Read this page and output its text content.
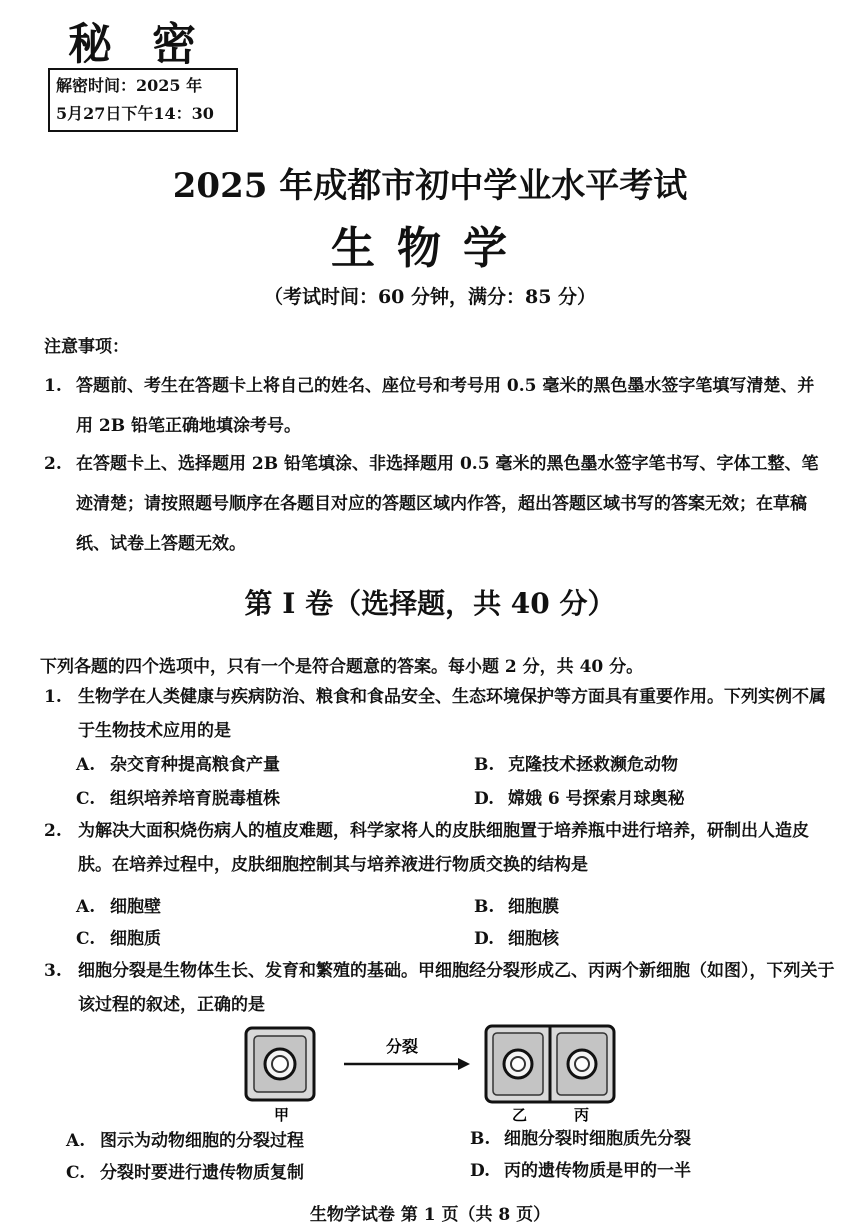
秘密
解密时间：2025 年
5月27日下午14：30
2025 年成都市初中学业水平考试
生物学
（考试时间：60 分钟，满分：85 分）
注意事项：
1. 答题前、考生在答题卡上将自己的姓名、座位号和考号用 0.5 毫米的黑色墨水签字笔填写清楚、并用 2B 铅笔正确地填涂考号。
2. 在答题卡上、选择题用 2B 铅笔填涂、非选择题用 0.5 毫米的黑色墨水签字笔书写、字体工整、笔迹清楚；请按照题号顺序在各题目对应的答题区域内作答，超出答题区域书写的答案无效；在草稿纸、试卷上答题无效。
第 I 卷（选择题，共 40 分）
下列各题的四个选项中，只有一个是符合题意的答案。每小题 2 分，共 40 分。
1. 生物学在人类健康与疾病防治、粮食和食品安全、生态环境保护等方面具有重要作用。下列实例不属于生物技术应用的是
A. 杂交育种提高粮食产量	B. 克隆技术拯救濒危动物
C. 组织培养培育脱毒植株	D. 嫦娥 6 号探索月球奥秘
2. 为解决大面积烧伤病人的植皮难题，科学家将人的皮肤细胞置于培养瓶中进行培养，研制出人造皮肤。在培养过程中，皮肤细胞控制其与培养液进行物质交换的结构是
A. 细胞壁	B. 细胞膜
C. 细胞质	D. 细胞核
3. 细胞分裂是生物体生长、发育和繁殖的基础。甲细胞经分裂形成乙、丙两个新细胞（如图），下列关于该过程的叙述，正确的是
分裂
甲	乙	丙
A. 图示为动物细胞的分裂过程	B. 细胞分裂时细胞质先分裂
C. 分裂时要进行遗传物质复制	D. 丙的遗传物质是甲的一半
生物学试卷 第 1 页（共 8 页）
